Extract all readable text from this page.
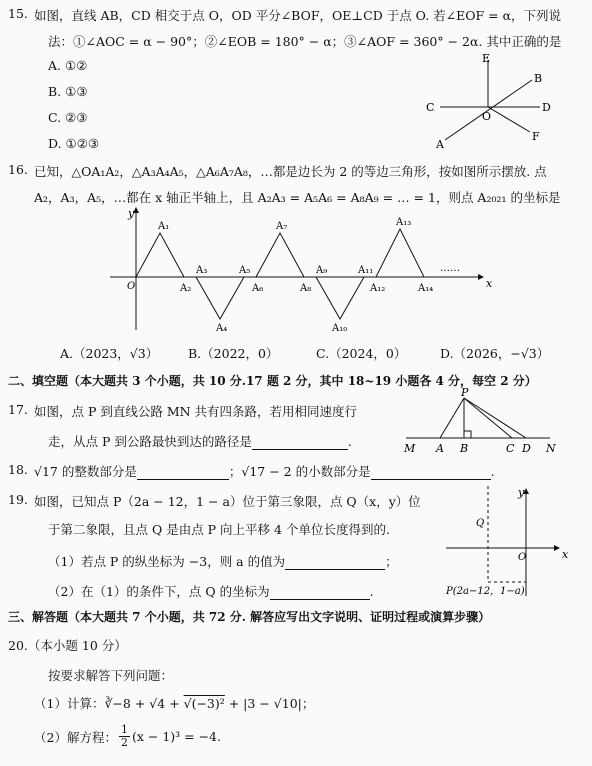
15. 如图，直线 AB，CD 相交于点 O，OD 平分∠BOF，OE⊥CD 于点 O. 若∠EOF = α，下列说
法：①∠AOC = α − 90°；②∠EOB = 180° − α；③∠AOF = 360° − 2α. 其中正确的是
A. ①②
B. ①③
C. ②③
D. ①②③
E
B
C
O
D
A
F
16. 已知，△OA₁A₂，△A₃A₄A₅，△A₆A₇A₈，…都是边长为 2 的等边三角形，按如图所示摆放. 点
A₂，A₃，A₅，…都在 x 轴正半轴上，且 A₂A₃ = A₅A₆ = A₈A₉ = … = 1，则点 A₂₀₂₁ 的坐标是
y
x
O
A₁
A₂
A₃
A₄
A₅
A₆
A₇
A₈
A₉
A₁₀
A₁₁
A₁₂
A₁₃
A₁₄
……
A.（2023，√3） B.（2022，0）	C.（2024，0）	D.（2026，−√3）
二、填空题（本大题共 3 个小题，共 10 分.17 题 2 分，其中 18~19 小题各 4 分，每空 2 分）
17. 如图，点 P 到直线公路 MN 共有四条路，若用相同速度行
走，从点 P 到公路最快到达的路径是	.
P
M A B	C D N
18. √17 的整数部分是	；√17 − 2 的小数部分是	.
19. 如图，已知点 P（2a − 12，1 − a）位于第三象限，点 Q（x，y）位
于第二象限，且点 Q 是由点 P 向上平移 4 个单位长度得到的.
（1）若点 P 的纵坐标为 −3，则 a 的值为	；
（2）在（1）的条件下，点 Q 的坐标为	.
y
x
O
Q
P(2a−12，1−a)
三、解答题（本大题共 7 个小题，共 72 分. 解答应写出文字说明、证明过程或演算步骤）
20.（本小题 10 分）
按要求解答下列问题：
（1）计算：∛−8 + √4 + √(−3)² + |3 − √10|；
（2）解方程： $\frac{1}{2} (x - 1)^3 = -4$.
